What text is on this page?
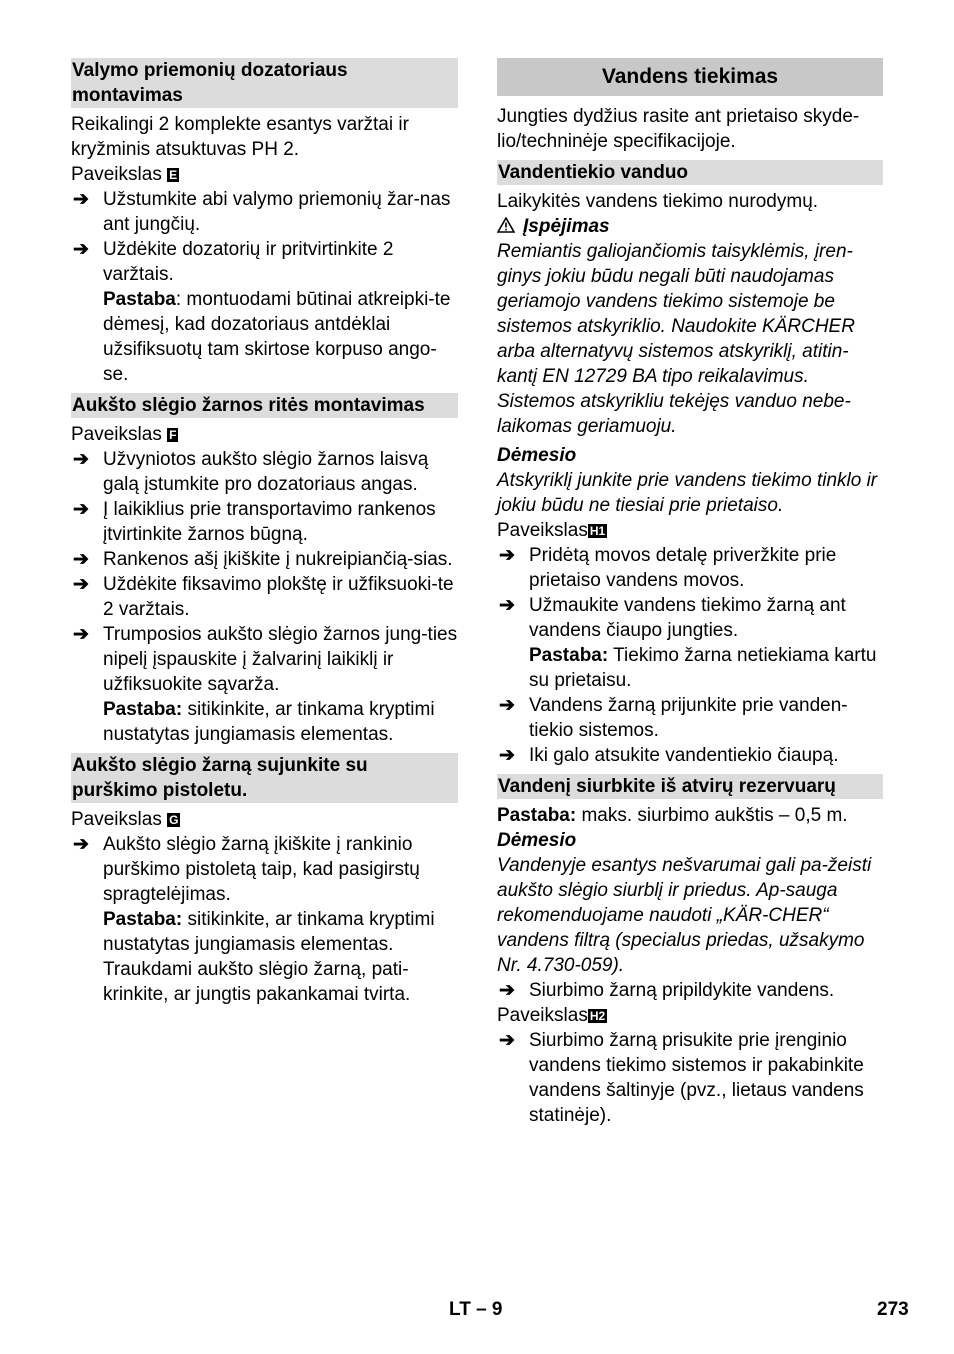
Valymo priemonių dozatoriaus montavimas

Reikalingi 2 komplekte esantys varžtai ir kryžminis atsuktuvas PH 2.

Paveikslas E

➔ Užstumkite abi valymo priemonių žar-nas ant jungčių.
➔ Uždėkite dozatorių ir pritvirtinkite 2 varžtais.

Pastaba: montuodami būtinai atkreipki-te dėmesį, kad dozatoriaus antdėklai užsifiksuotų tam skirtose korpuso ango-se.

Aukšto slėgio žarnos ritės montavimas

Paveikslas F

➔ Užvyniotos aukšto slėgio žarnos laisvą galą įstumkite pro dozatoriaus angas.
➔ Į laikiklius prie transportavimo rankenos įtvirtinkite žarnos būgną.
➔ Rankenos ašį įkiškite į nukreipiančią-sias.
➔ Uždėkite fiksavimo plokštę ir užfiksuoki-te 2 varžtais.
➔ Trumposios aukšto slėgio žarnos jung-ties nipelį įspauskite į žalvarinį laikiklį ir užfiksuokite sąvarža.

Pastaba: sitikinkite, ar tinkama kryptimi nustatytas jungiamasis elementas.

Aukšto slėgio žarną sujunkite su purškimo pistoletu.

Paveikslas G

➔ Aukšto slėgio žarną įkiškite į rankinio purškimo pistoletą taip, kad pasigirstų spragtelėjimas.

Pastaba: sitikinkite, ar tinkama kryptimi nustatytas jungiamasis elementas. Traukdami aukšto slėgio žarną, pati-krinkite, ar jungtis pakankamai tvirta.

Vandens tiekimas

Jungties dydžius rasite ant prietaiso skyde-lio/techninėje specifikacijoje.

Vandentiekio vanduo

Laikykitės vandens tiekimo nurodymų.

Įspėjimas

Remiantis galiojančiomis taisyklėmis, įren-ginys jokiu būdu negali būti naudojamas geriamojo vandens tiekimo sistemoje be sistemos atskyriklio. Naudokite KÄRCHER arba alternatyvų sistemos atskyriklį, atitin-kantį EN 12729 BA tipo reikalavimus. Sistemos atskyrikliu tekėjęs vanduo nebe-laikomas geriamuoju.

Dėmesio

Atskyriklį junkite prie vandens tiekimo tinklo ir jokiu būdu ne tiesiai prie prietaiso.

Paveikslas H1

➔ Pridėtą movos detalę priveržkite prie prietaiso vandens movos.
➔ Užmaukite vandens tiekimo žarną ant vandens čiaupo jungties.

Pastaba: Tiekimo žarna netiekiama kartu su prietaisu.

➔ Vandens žarną prijunkite prie vanden-tiekio sistemos.
➔ Iki galo atsukite vandentiekio čiaupą.
Vandenį siurbkite iš atvirų rezervuarų

Pastaba: maks. siurbimo aukštis – 0,5 m.

Dėmesio

Vandenyje esantys nešvarumai gali pa-žeisti aukšto slėgio siurblį ir priedus. Ap-sauga rekomenduojame naudoti „KÄR-CHER“ vandens filtrą (specialus priedas, užsakymo Nr. 4.730-059).

➔ Siurbimo žarną pripildykite vandens.

Paveikslas H2

➔ Siurbimo žarną prisukite prie įrenginio vandens tiekimo sistemos ir pakabinkite vandens šaltinyje (pvz., lietaus vandens statinėje).
LT – 9	273
